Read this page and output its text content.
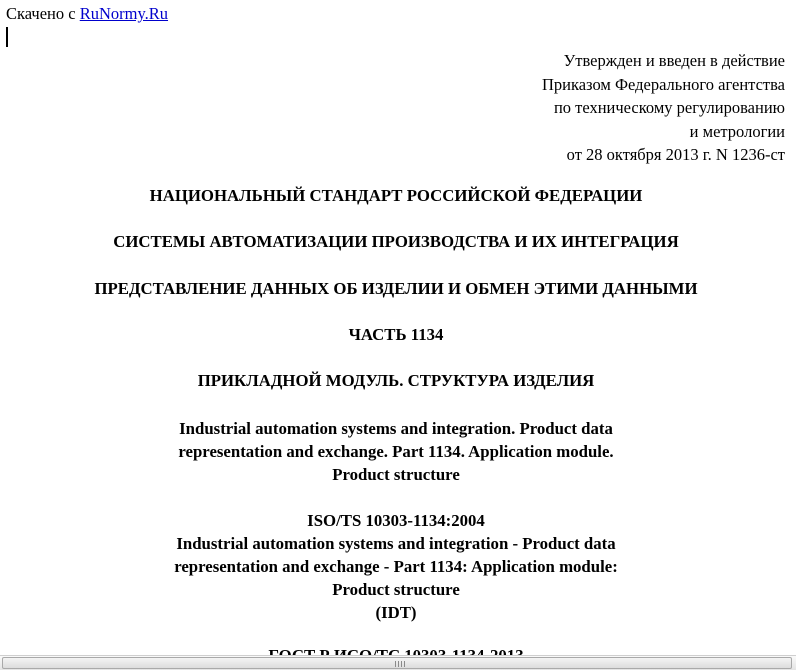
Скачено с RuNormy.Ru
Утвержден и введен в действие
Приказом Федерального агентства
по техническому регулированию
и метрологии
от 28 октября 2013 г. N 1236-ст
НАЦИОНАЛЬНЫЙ СТАНДАРТ РОССИЙСКОЙ ФЕДЕРАЦИИ
СИСТЕМЫ АВТОМАТИЗАЦИИ ПРОИЗВОДСТВА И ИХ ИНТЕГРАЦИЯ
ПРЕДСТАВЛЕНИЕ ДАННЫХ ОБ ИЗДЕЛИИ И ОБМЕН ЭТИМИ ДАННЫМИ
ЧАСТЬ 1134
ПРИКЛАДНОЙ МОДУЛЬ. СТРУКТУРА ИЗДЕЛИЯ
Industrial automation systems and integration. Product data
representation and exchange. Part 1134. Application module.
Product structure
ISO/TS 10303-1134:2004
Industrial automation systems and integration - Product data
representation and exchange - Part 1134: Application module:
Product structure
(IDT)
